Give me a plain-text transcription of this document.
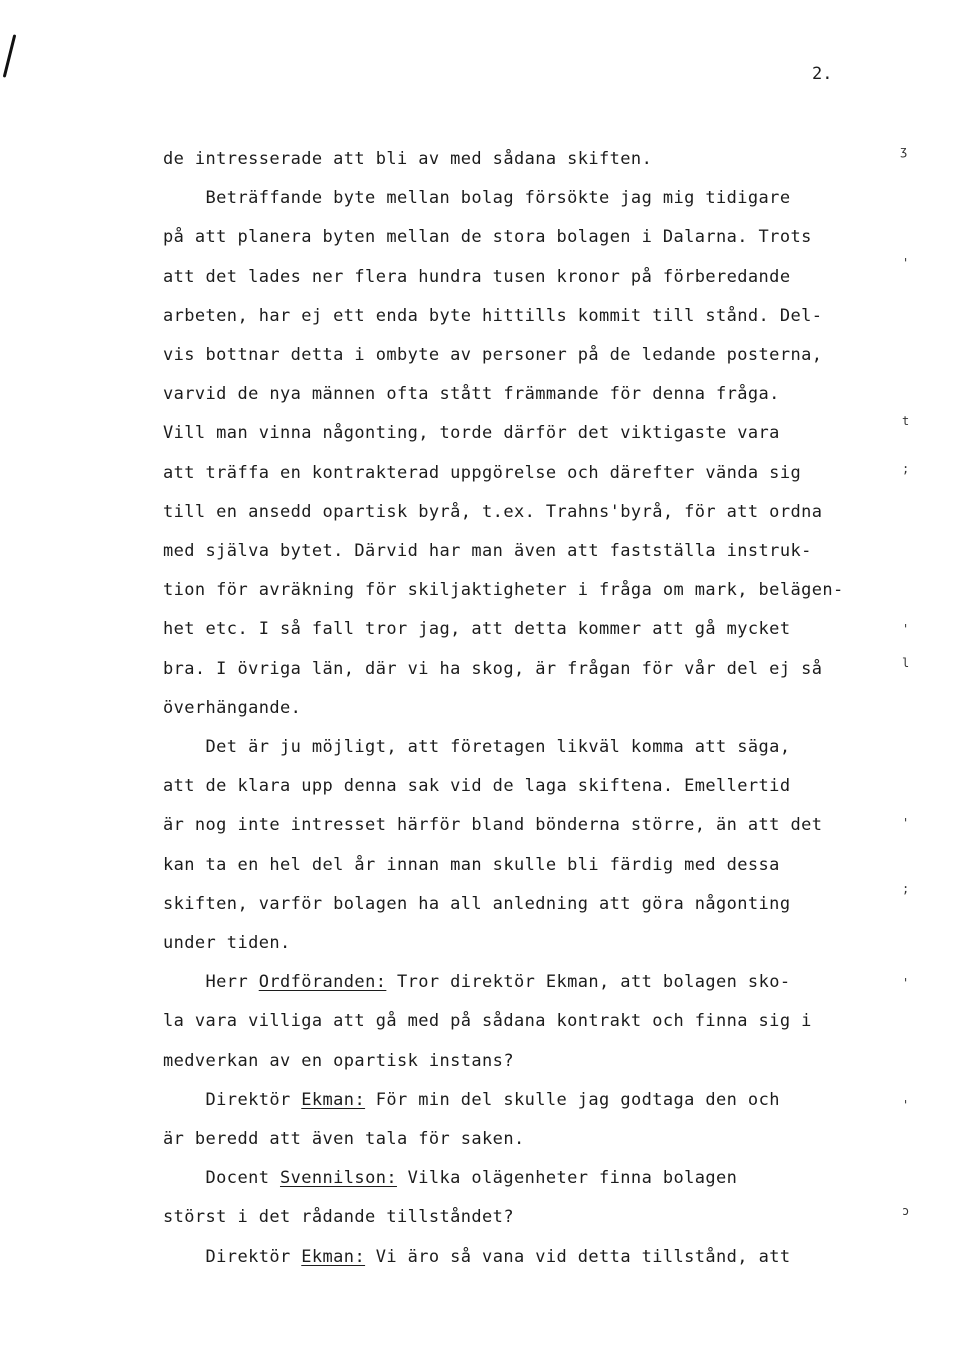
2.
ʒ
'
t
;
'
l
'
'
;
'
ɔ

de intresserade att bli av med sådana skiften.

Beträffande byte mellan bolag försökte jag mig tidigare

på att planera byten mellan de stora bolagen i Dalarna. Trots

att det lades ner flera hundra tusen kronor på förberedande

arbeten, har ej ett enda byte hittills kommit till stånd. Del-

vis bottnar detta i ombyte av personer på de ledande posterna,

varvid de nya männen ofta stått främmande för denna fråga.

Vill man vinna någonting, torde därför det viktigaste vara

att träffa en kontrakterad uppgörelse och därefter vända sig

till en ansedd opartisk byrå, t.ex. Trahns'byrå, för att ordna

med själva bytet. Därvid har man även att fastställa instruk-

tion för avräkning för skiljaktigheter i fråga om mark, belägen-

het etc. I så fall tror jag, att detta kommer att gå mycket

bra. I övriga län, där vi ha skog, är frågan för vår del ej så

överhängande.

Det är ju möjligt, att företagen likväl komma att säga,

att de klara upp denna sak vid de laga skiftena. Emellertid

är nog inte intresset härför bland bönderna större, än att det

kan ta en hel del år innan man skulle bli färdig med dessa

skiften, varför bolagen ha all anledning att göra någonting

under tiden.

Herr Ordföranden: Tror direktör Ekman, att bolagen sko-

la vara villiga att gå med på sådana kontrakt och finna sig i

medverkan av en opartisk instans?

Direktör Ekman: För min del skulle jag godtaga den och

är beredd att även tala för saken.

Docent Svennilson: Vilka olägenheter finna bolagen

störst i det rådande tillståndet?

Direktör Ekman: Vi äro så vana vid detta tillstånd, att
